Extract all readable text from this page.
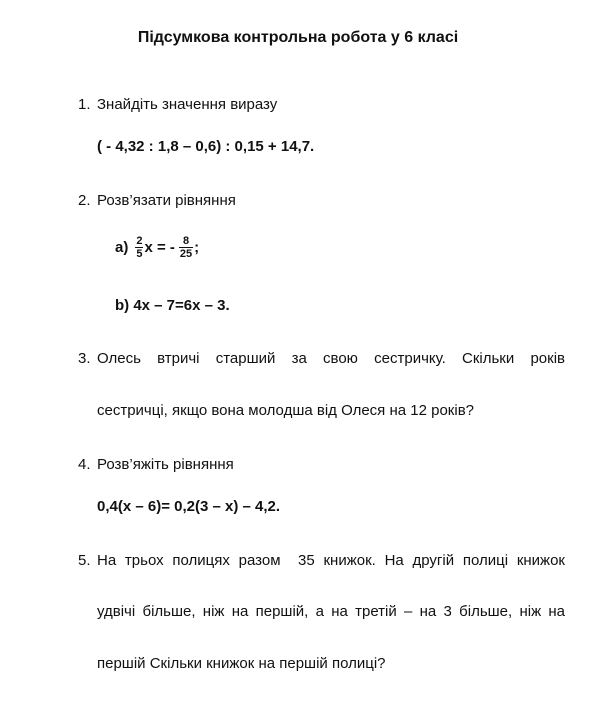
Підсумкова контрольна робота у 6 класі
1. Знайдіть значення виразу
( - 4,32 : 1,8 – 0,6) : 0,15 + 14,7.
2. Розв’язати рівняння
$a) \frac{2}{5}$ x = - $\frac{8}{25}$ ;
b) 4x – 7=6x – 3.
3. Олесь втричі старший за свою сестричку. Скільки років
сестричці, якщо вона молодша від Олеся на 12 років?
4. Розв’яжіть рівняння
0,4(x – 6)= 0,2(3 – x) – 4,2.
5. На трьох полицях разом  35 книжок. На другій полиці книжок
удвічі більше, ніж на першій, а на третій – на 3 більше, ніж на
першій Скільки книжок на першій полиці?
